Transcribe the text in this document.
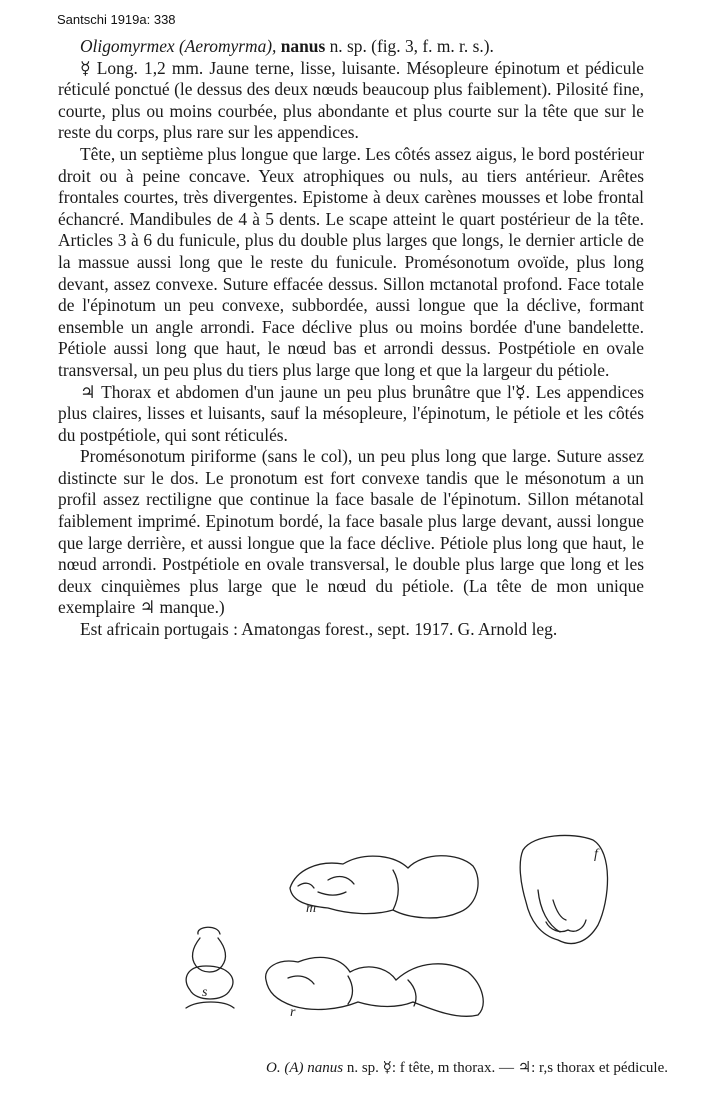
Santschi 1919a: 338

Oligomyrmex (Aeromyrma), nanus n. sp. (fig. 3, f. m. r. s.).

☿ Long. 1,2 mm. Jaune terne, lisse, luisante. Mésopleure épinotum et pédicule réticulé ponctué (le dessus des deux nœuds beaucoup plus faiblement). Pilosité fine, courte, plus ou moins courbée, plus abondante et plus courte sur la tête que sur le reste du corps, plus rare sur les appendices.

Tête, un septième plus longue que large. Les côtés assez aigus, le bord postérieur droit ou à peine concave. Yeux atrophiques ou nuls, au tiers antérieur. Arêtes frontales courtes, très divergentes. Epistome à deux carènes mousses et lobe frontal échancré. Mandibules de 4 à 5 dents. Le scape atteint le quart postérieur de la tête. Articles 3 à 6 du funicule, plus du double plus larges que longs, le dernier article de la massue aussi long que le reste du funicule. Promésonotum ovoïde, plus long devant, assez convexe. Suture effacée dessus. Sillon mctanotal profond. Face totale de l'épinotum un peu convexe, subbordée, aussi longue que la déclive, formant ensemble un angle arrondi. Face déclive plus ou moins bordée d'une bandelette. Pétiole aussi long que haut, le nœud bas et arrondi dessus. Postpétiole en ovale transversal, un peu plus du tiers plus large que long et que la largeur du pétiole.

♃ Thorax et abdomen d'un jaune un peu plus brunâtre que l'☿. Les appendices plus claires, lisses et luisants, sauf la mésopleure, l'épinotum, le pétiole et les côtés du postpétiole, qui sont réticulés.

Promésonotum piriforme (sans le col), un peu plus long que large. Suture assez distincte sur le dos. Le pronotum est fort convexe tandis que le mésonotum a un profil assez rectiligne que continue la face basale de l'épinotum. Sillon métanotal faiblement imprimé. Epinotum bordé, la face basale plus large devant, aussi longue que large derrière, et aussi longue que la face déclive. Pétiole plus long que haut, le nœud arrondi. Postpétiole en ovale transversal, le double plus large que long et les deux cinquièmes plus large que le nœud du pétiole. (La tête de mon unique exemplaire ♃ manque.)

Est africain portugais : Amatongas forest., sept. 1917. G. Arnold leg.

m
f
s
r
O. (A) nanus n. sp. ☿: f tête, m thorax. — ♃: r,s thorax et pédicule.
